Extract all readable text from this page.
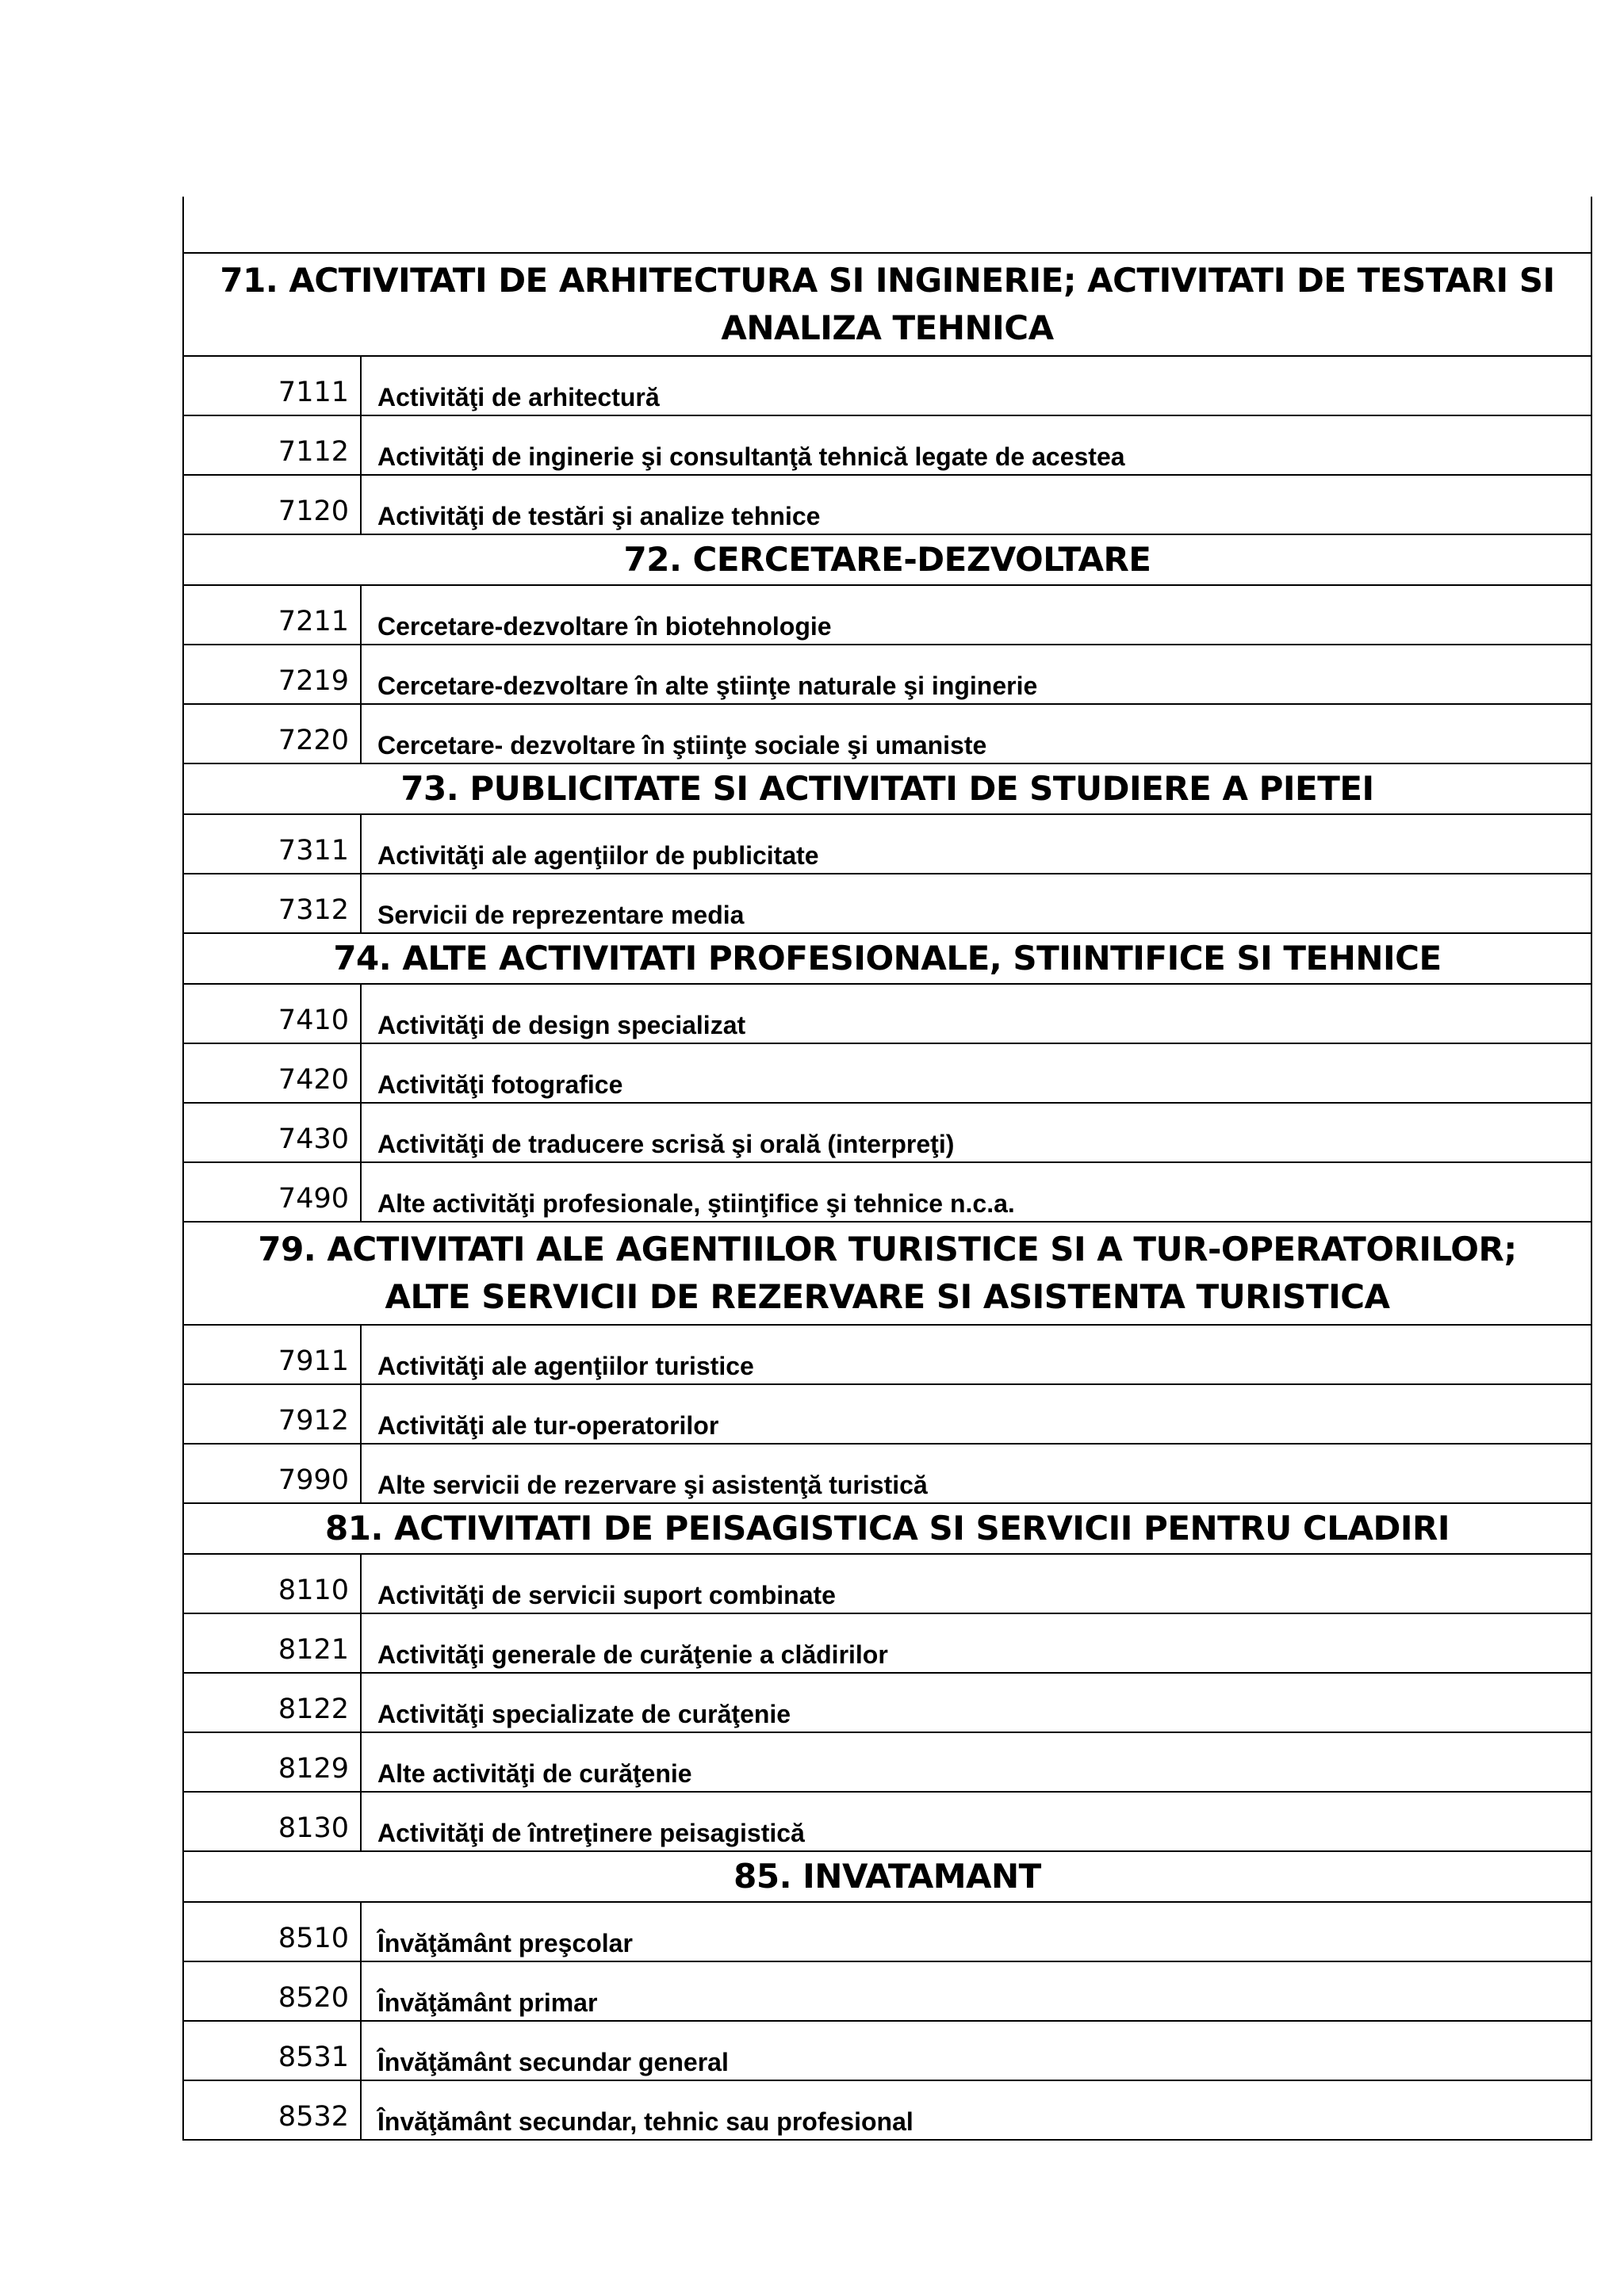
71. ACTIVITATI DE ARHITECTURA SI INGINERIE; ACTIVITATI DE TESTARI SI ANALIZA TEHNICA	
7111	Activităţi de arhitectură
7112	Activităţi de inginerie şi consultanţă tehnică legate de acestea
7120	Activităţi de testări şi analize tehnice
72. CERCETARE-DEZVOLTARE	
7211	Cercetare-dezvoltare în biotehnologie
7219	Cercetare-dezvoltare în alte ştiinţe naturale şi inginerie
7220	Cercetare- dezvoltare în ştiinţe sociale şi umaniste
73. PUBLICITATE SI ACTIVITATI DE STUDIERE A PIETEI	
7311	Activităţi ale agenţiilor de publicitate
7312	Servicii de reprezentare media
74. ALTE ACTIVITATI PROFESIONALE, STIINTIFICE SI TEHNICE	
7410	Activităţi de design specializat
7420	Activităţi fotografice
7430	Activităţi de traducere scrisă şi orală (interpreţi)
7490	Alte activităţi profesionale, ştiinţifice şi tehnice n.c.a.
79. ACTIVITATI ALE AGENTIILOR TURISTICE SI A TUR-OPERATORILOR; ALTE SERVICII DE REZERVARE SI ASISTENTA TURISTICA	
7911	Activităţi ale agenţiilor turistice
7912	Activităţi ale tur-operatorilor
7990	Alte servicii de rezervare şi asistenţă turistică
81. ACTIVITATI DE PEISAGISTICA SI SERVICII PENTRU CLADIRI	
8110	Activităţi de servicii suport combinate
8121	Activităţi generale de curăţenie a clădirilor
8122	Activităţi specializate de curăţenie
8129	Alte activităţi de curăţenie
8130	Activităţi de întreţinere peisagistică
85. INVATAMANT	
8510	Învăţământ preşcolar
8520	Învăţământ primar
8531	Învăţământ secundar general
8532	Învăţământ secundar, tehnic sau profesional
